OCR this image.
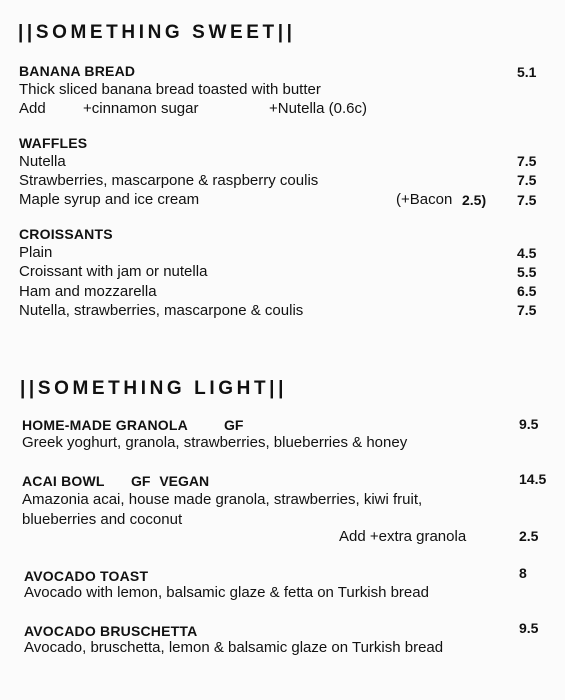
||SOMETHING SWEET||
BANANA BREAD	5.1
Thick sliced banana bread toasted with butter
Add +cinnamon sugar	+Nutella (0.6c)
WAFFLES
Nutella	7.5
Strawberries, mascarpone & raspberry coulis	7.5
Maple syrup and ice cream	(+Bacon 2.5) 7.5
CROISSANTS
Plain	4.5
Croissant with jam or nutella	5.5
Ham and mozzarella	6.5
Nutella, strawberries, mascarpone & coulis	7.5
||SOMETHING LIGHT||
HOME-MADE GRANOLA	GF	9.5
Greek yoghurt, granola, strawberries, blueberries & honey
ACAI BOWL GF VEGAN	14.5
Amazonia acai, house made granola, strawberries, kiwi fruit,
blueberries and coconut
Add +extra granola	2.5
AVOCADO TOAST	8
Avocado with lemon, balsamic glaze & fetta on Turkish bread
AVOCADO BRUSCHETTA	9.5
Avocado, bruschetta, lemon & balsamic glaze on Turkish bread
